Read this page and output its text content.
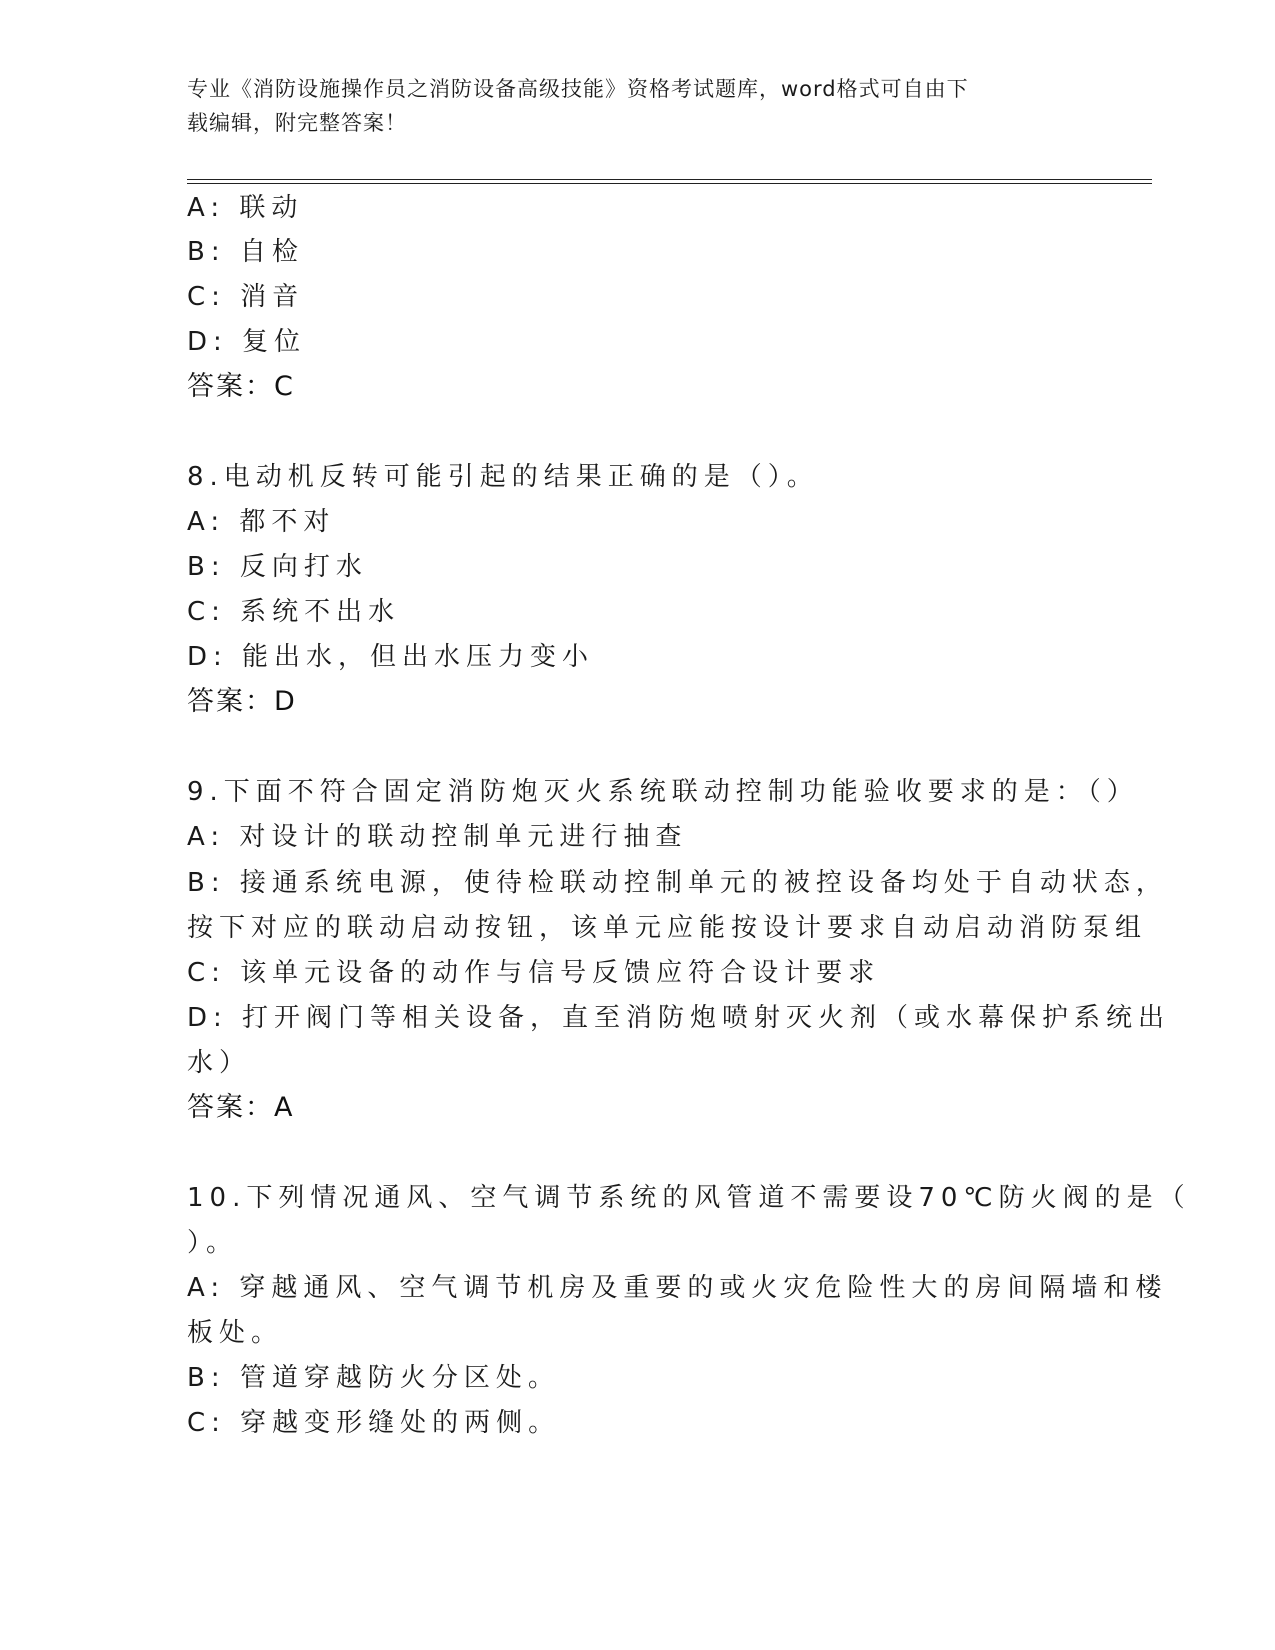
专业《消防设施操作员之消防设备高级技能》资格考试题库，word格式可自由下
载编辑，附完整答案！
A: 联动
B: 自检
C: 消音
D: 复位
答案：C
8.电动机反转可能引起的结果正确的是（）。
A: 都不对
B: 反向打水
C: 系统不出水
D: 能出水，但出水压力变小
答案：D
9.下面不符合固定消防炮灭火系统联动控制功能验收要求的是：（）
A: 对设计的联动控制单元进行抽查
B: 接通系统电源，使待检联动控制单元的被控设备均处于自动状态，
按下对应的联动启动按钮，该单元应能按设计要求自动启动消防泵组
C: 该单元设备的动作与信号反馈应符合设计要求
D: 打开阀门等相关设备，直至消防炮喷射灭火剂（或水幕保护系统出
水）
答案：A
10.下列情况通风、空气调节系统的风管道不需要设70℃防火阀的是（
）。
A: 穿越通风、空气调节机房及重要的或火灾危险性大的房间隔墙和楼
板处。
B: 管道穿越防火分区处。
C: 穿越变形缝处的两侧。
